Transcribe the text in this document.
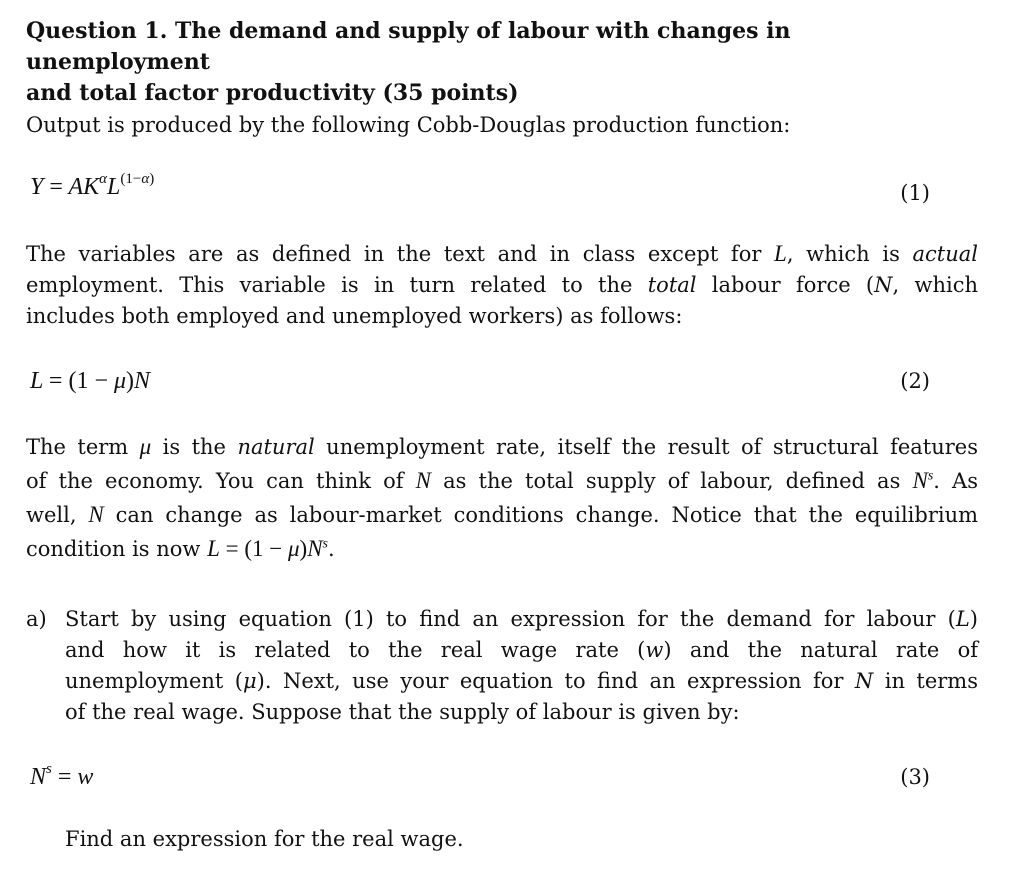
Question 1. The demand and supply of labour with changes in unemployment
and total factor productivity (35 points)
Output is produced by the following Cobb-Douglas production function:
$Y = AK^\alpha L^{(1-\alpha)}$
(1)
The variables are as defined in the text and in class except for L, which is actual
employment. This variable is in turn related to the total labour force (N, which
includes both employed and unemployed workers) as follows:
L = (1 − μ)N	(2)
The term μ is the natural unemployment rate, itself the result of structural features
of the economy. You can think of N as the total supply of labour, defined as $N^s$. As
well, N can change as labour-market conditions change. Notice that the equilibrium
condition is now $L = (1 - \mu)N^s$.
a) Start by using equation (1) to find an expression for the demand for labour (L)
and how it is related to the real wage rate (w) and the natural rate of
unemployment (μ). Next, use your equation to find an expression for N in terms
of the real wage. Suppose that the supply of labour is given by:
$N^s = w$	(3)
Find an expression for the real wage.
